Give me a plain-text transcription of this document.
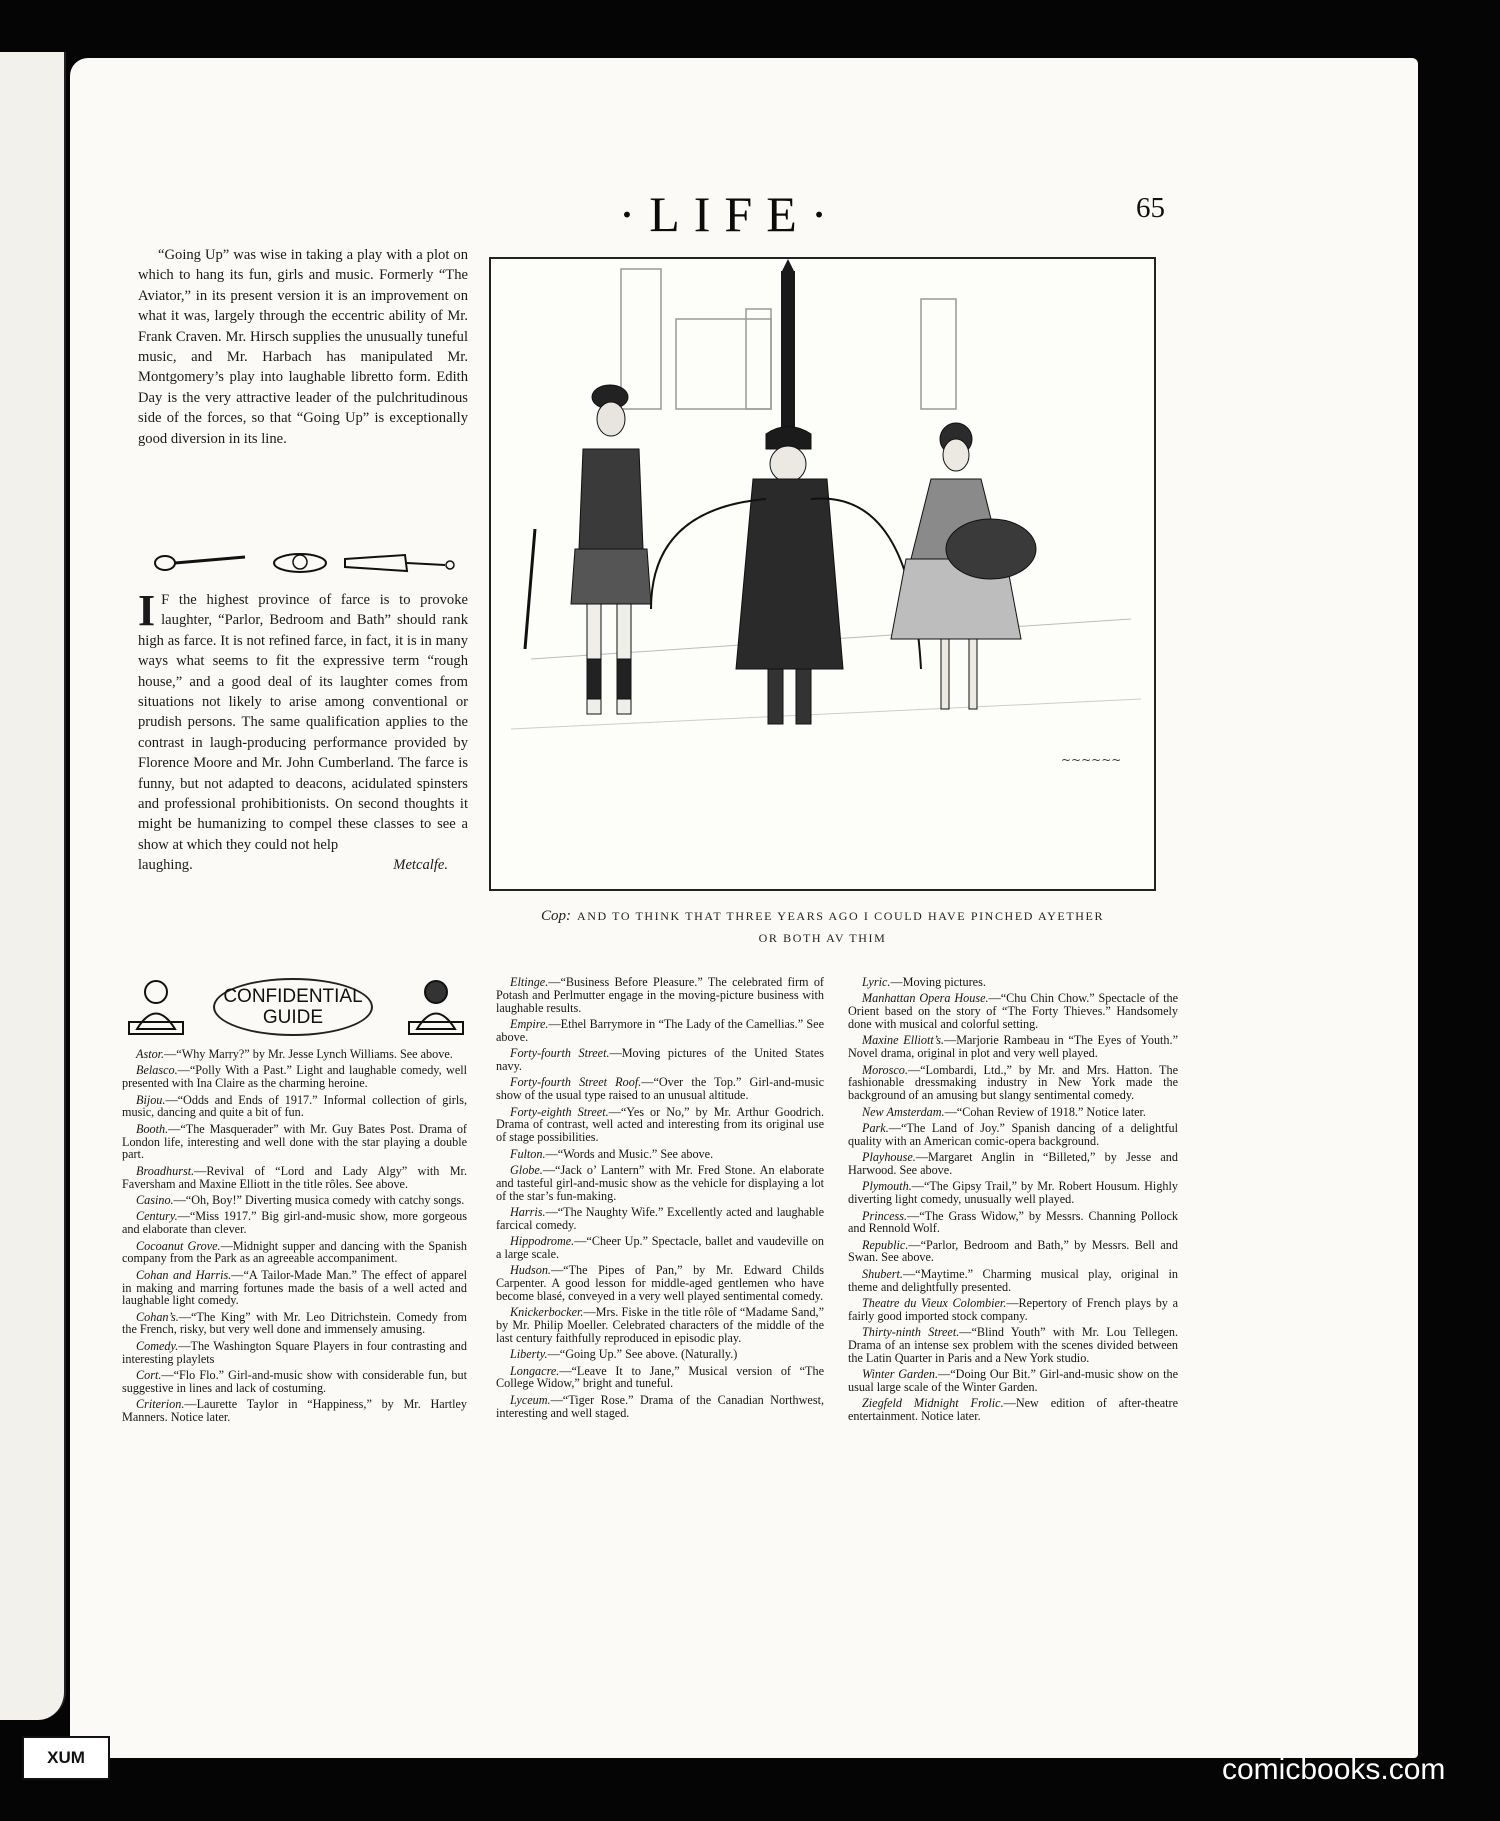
·LIFE·	65

“Going Up” was wise in taking a play with a plot on which to hang its fun, girls and music. Formerly “The Aviator,” in its present version it is an improvement on what it was, largely through the eccentric ability of Mr. Frank Craven. Mr. Hirsch supplies the unusually tuneful music, and Mr. Harbach has manipulated Mr. Montgomery’s play into laughable libretto form. Edith Day is the very attractive leader of the pulchritudinous side of the forces, so that “Going Up” is exceptionally good diversion in its line.

I F the highest province of farce is to provoke laughter, “Parlor, Bedroom and Bath” should rank high as farce. It is not refined farce, in fact, it is in many ways what seems to fit the expressive term “rough house,” and a good deal of its laughter comes from situations not likely to arise among conventional or prudish persons. The same qualification applies to the contrast in laugh-producing performance provided by Florence Moore and Mr. John Cumberland. The farce is funny, but not adapted to deacons, acidulated spinsters and professional prohibitionists. On second thoughts it might be humanizing to compel these classes to see a show at which they could not help

laughing.	Metcalfe.
~~~~~~
Cop: AND TO THINK THAT THREE YEARS AGO I COULD HAVE PINCHED AYETHER
OR BOTH AV THIM
CONFIDENTIAL
GUIDE

Astor.—“Why Marry?” by Mr. Jesse Lynch Williams. See above.

Belasco.—“Polly With a Past.” Light and laughable comedy, well presented with Ina Claire as the charming heroine.

Bijou.—“Odds and Ends of 1917.” Informal collection of girls, music, dancing and quite a bit of fun.

Booth.—“The Masquerader” with Mr. Guy Bates Post. Drama of London life, interesting and well done with the star playing a double part.

Broadhurst.—Revival of “Lord and Lady Algy” with Mr. Faversham and Maxine Elliott in the title rôles. See above.

Casino.—“Oh, Boy!” Diverting musica comedy with catchy songs.

Century.—“Miss 1917.” Big girl-and-music show, more gorgeous and elaborate than clever.

Cocoanut Grove.—Midnight supper and dancing with the Spanish company from the Park as an agreeable accompaniment.

Cohan and Harris.—“A Tailor-Made Man.” The effect of apparel in making and marring fortunes made the basis of a well acted and laughable light comedy.

Cohan’s.—“The King” with Mr. Leo Ditrichstein. Comedy from the French, risky, but very well done and immensely amusing.

Comedy.—The Washington Square Players in four contrasting and interesting playlets

Cort.—“Flo Flo.” Girl-and-music show with considerable fun, but suggestive in lines and lack of costuming.

Criterion.—Laurette Taylor in “Happiness,” by Mr. Hartley Manners. Notice later.

Eltinge.—“Business Before Pleasure.” The celebrated firm of Potash and Perlmutter engage in the moving-picture business with laughable results.

Empire.—Ethel Barrymore in “The Lady of the Camellias.” See above.

Forty-fourth Street.—Moving pictures of the United States navy.

Forty-fourth Street Roof.—“Over the Top.” Girl-and-music show of the usual type raised to an unusual altitude.

Forty-eighth Street.—“Yes or No,” by Mr. Arthur Goodrich. Drama of contrast, well acted and interesting from its original use of stage possibilities.

Fulton.—“Words and Music.” See above.

Globe.—“Jack o’ Lantern” with Mr. Fred Stone. An elaborate and tasteful girl-and-music show as the vehicle for displaying a lot of the star’s fun-making.

Harris.—“The Naughty Wife.” Excellently acted and laughable farcical comedy.

Hippodrome.—“Cheer Up.” Spectacle, ballet and vaudeville on a large scale.

Hudson.—“The Pipes of Pan,” by Mr. Edward Childs Carpenter. A good lesson for middle-aged gentlemen who have become blasé, conveyed in a very well played sentimental comedy.

Knickerbocker.—Mrs. Fiske in the title rôle of “Madame Sand,” by Mr. Philip Moeller. Celebrated characters of the middle of the last century faithfully reproduced in episodic play.

Liberty.—“Going Up.” See above. (Naturally.)

Longacre.—“Leave It to Jane,” Musical version of “The College Widow,” bright and tuneful.

Lyceum.—“Tiger Rose.” Drama of the Canadian Northwest, interesting and well staged.

Lyric.—Moving pictures.

Manhattan Opera House.—“Chu Chin Chow.” Spectacle of the Orient based on the story of “The Forty Thieves.” Handsomely done with musical and colorful setting.

Maxine Elliott’s.—Marjorie Rambeau in “The Eyes of Youth.” Novel drama, original in plot and very well played.

Morosco.—“Lombardi, Ltd.,” by Mr. and Mrs. Hatton. The fashionable dressmaking industry in New York made the background of an amusing but slangy sentimental comedy.

New Amsterdam.—“Cohan Review of 1918.” Notice later.

Park.—“The Land of Joy.” Spanish dancing of a delightful quality with an American comic-opera background.

Playhouse.—Margaret Anglin in “Billeted,” by Jesse and Harwood. See above.

Plymouth.—“The Gipsy Trail,” by Mr. Robert Housum. Highly diverting light comedy, unusually well played.

Princess.—“The Grass Widow,” by Messrs. Channing Pollock and Rennold Wolf.

Republic.—“Parlor, Bedroom and Bath,” by Messrs. Bell and Swan. See above.

Shubert.—“Maytime.” Charming musical play, original in theme and delightfully presented.

Theatre du Vieux Colombier.—Repertory of French plays by a fairly good imported stock company.

Thirty-ninth Street.—“Blind Youth” with Mr. Lou Tellegen. Drama of an intense sex problem with the scenes divided between the Latin Quarter in Paris and a New York studio.

Winter Garden.—“Doing Our Bit.” Girl-and-music show on the usual large scale of the Winter Garden.

Ziegfeld Midnight Frolic.—New edition of after-theatre entertainment. Notice later.

XUM	comicbooks.com
